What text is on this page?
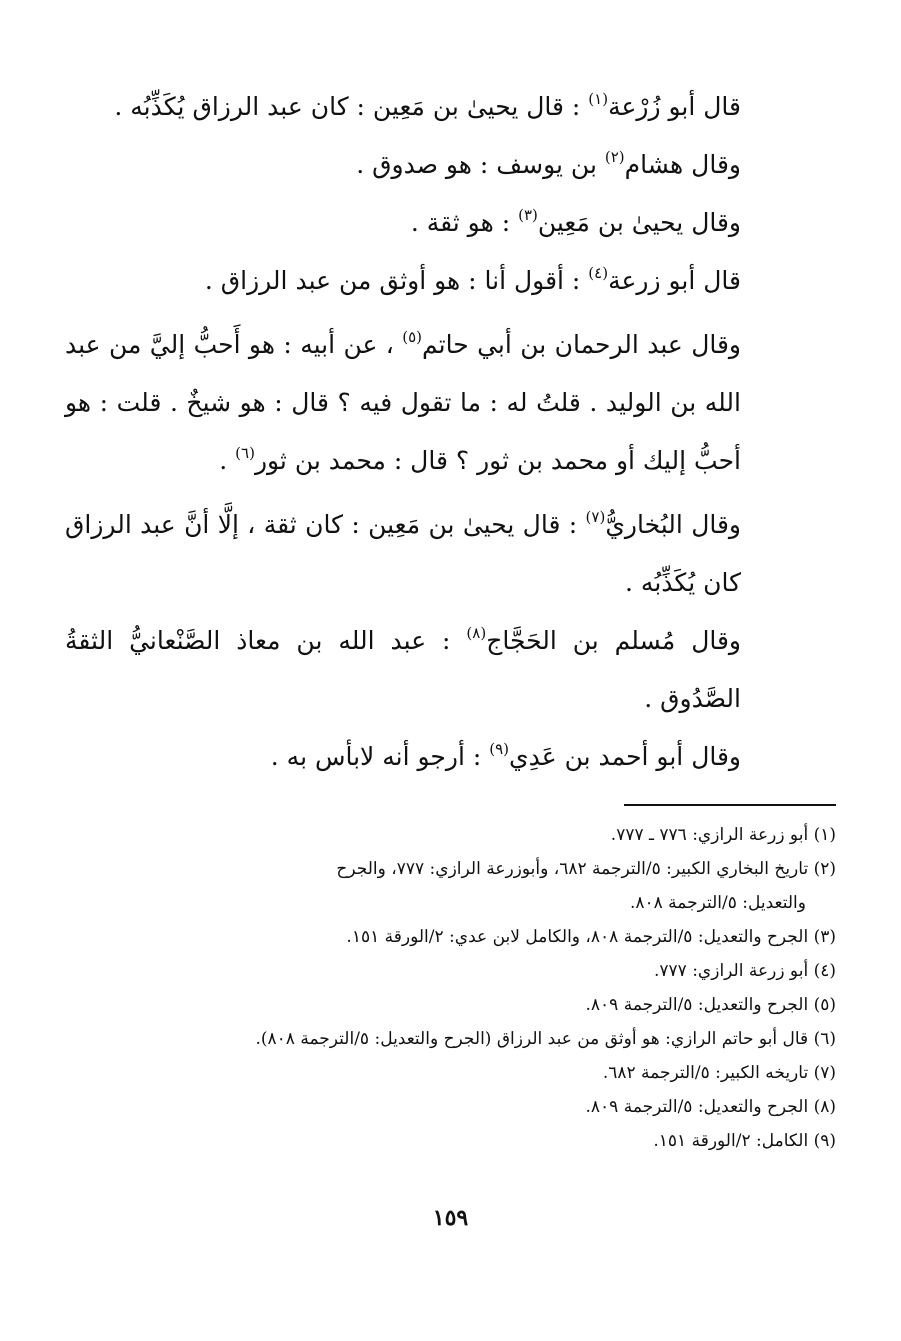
قال أبو زُرْعة$^{(١)}$ : قال يحيىٰ بن مَعِين : كان عبد الرزاق يُكَذِّبُه .

وقال هشام$^{(٢)}$ بن يوسف : هو صدوق .

وقال يحيىٰ بن مَعِين$^{(٣)}$ : هو ثقة .

قال أبو زرعة$^{(٤)}$ : أقول أنا : هو أوثق من عبد الرزاق .

وقال عبد الرحمان بن أبي حاتم$^{(٥)}$ ، عن أبيه : هو أَحبُّ إليَّ من عبد الله بن الوليد . قلتُ له : ما تقول فيه ؟ قال : هو شيخٌ . قلت : هو أحبُّ إليك أو محمد بن ثور ؟ قال : محمد بن ثور$^{(٦)}$ .

وقال البُخاريُّ$^{(٧)}$ : قال يحيىٰ بن مَعِين : كان ثقة ، إلَّا أنَّ عبد الرزاق كان يُكَذِّبُه .

وقال مُسلم بن الحَجَّاج$^{(٨)}$ : عبد الله بن معاذ الصَّنْعانيُّ الثقةُ الصَّدُوق .

وقال أبو أحمد بن عَدِي$^{(٩)}$ : أرجو أنه لابأس به .

(١) أبو زرعة الرازي: ٧٧٦ ـ ٧٧٧.

(٢) تاريخ البخاري الكبير: ٥/الترجمة ٦٨٢، وأبوزرعة الرازي: ٧٧٧، والجرح

والتعديل: ٥/الترجمة ٨٠٨.

(٣) الجرح والتعديل: ٥/الترجمة ٨٠٨، والكامل لابن عدي: ٢/الورقة ١٥١.

(٤) أبو زرعة الرازي: ٧٧٧.

(٥) الجرح والتعديل: ٥/الترجمة ٨٠٩.

(٦) قال أبو حاتم الرازي: هو أوثق من عبد الرزاق (الجرح والتعديل: ٥/الترجمة ٨٠٨).

(٧) تاريخه الكبير: ٥/الترجمة ٦٨٢.

(٨) الجرح والتعديل: ٥/الترجمة ٨٠٩.

(٩) الكامل: ٢/الورقة ١٥١.

١٥٩
